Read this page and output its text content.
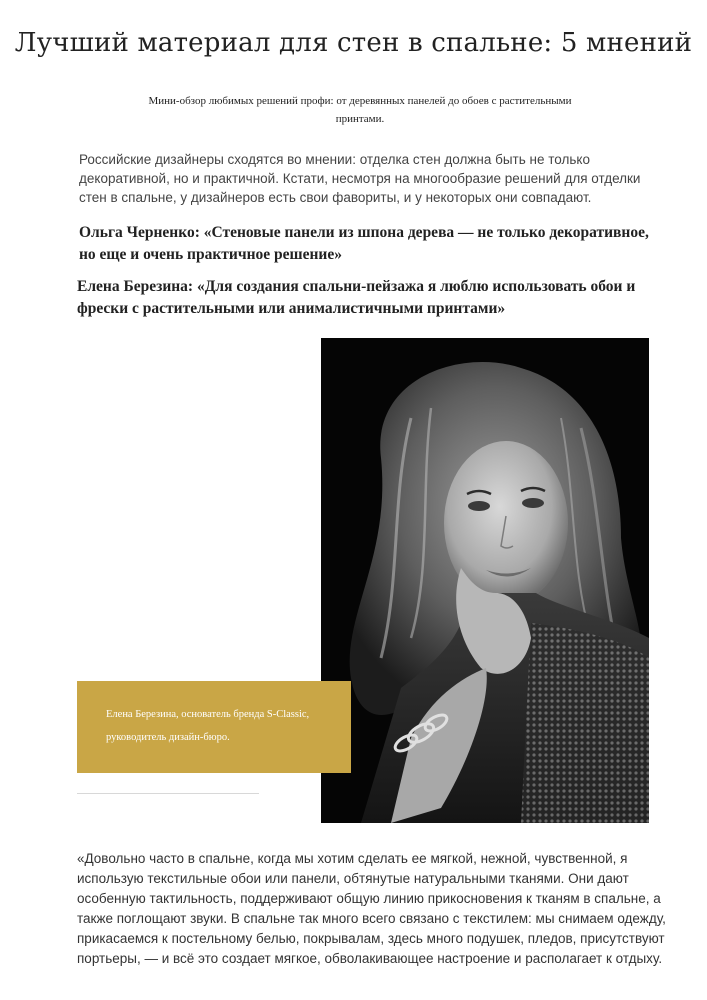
Лучший материал для стен в спальне: 5 мнений

Мини-обзор любимых решений профи: от деревянных панелей до обоев с растительными принтами.

Российские дизайнеры сходятся во мнении: отделка стен должна быть не только декоративной, но и практичной. Кстати, несмотря на многообразие решений для отделки стен в спальне, у дизайнеров есть свои фавориты, и у некоторых они совпадают.

Ольга Черненко: «Стеновые панели из шпона дерева — не только декоративное, но еще и очень практичное решение»

Елена Березина: «Для создания спальни-пейзажа я люблю использовать обои и фрески с растительными или анималистичными принтами»

Елена Березина, основатель бренда S-Classic, руководитель дизайн-бюро.

«Довольно часто в спальне, когда мы хотим сделать ее мягкой, нежной, чувственной, я использую текстильные обои или панели, обтянутые натуральными тканями. Они дают особенную тактильность, поддерживают общую линию прикосновения к тканям в спальне, а также поглощают звуки. В спальне так много всего связано с текстилем: мы снимаем одежду, прикасаемся к постельному белью, покрывалам, здесь много подушек, пледов, присутствуют портьеры, — и всё это создает мягкое, обволакивающее настроение и располагает к отдыху.
